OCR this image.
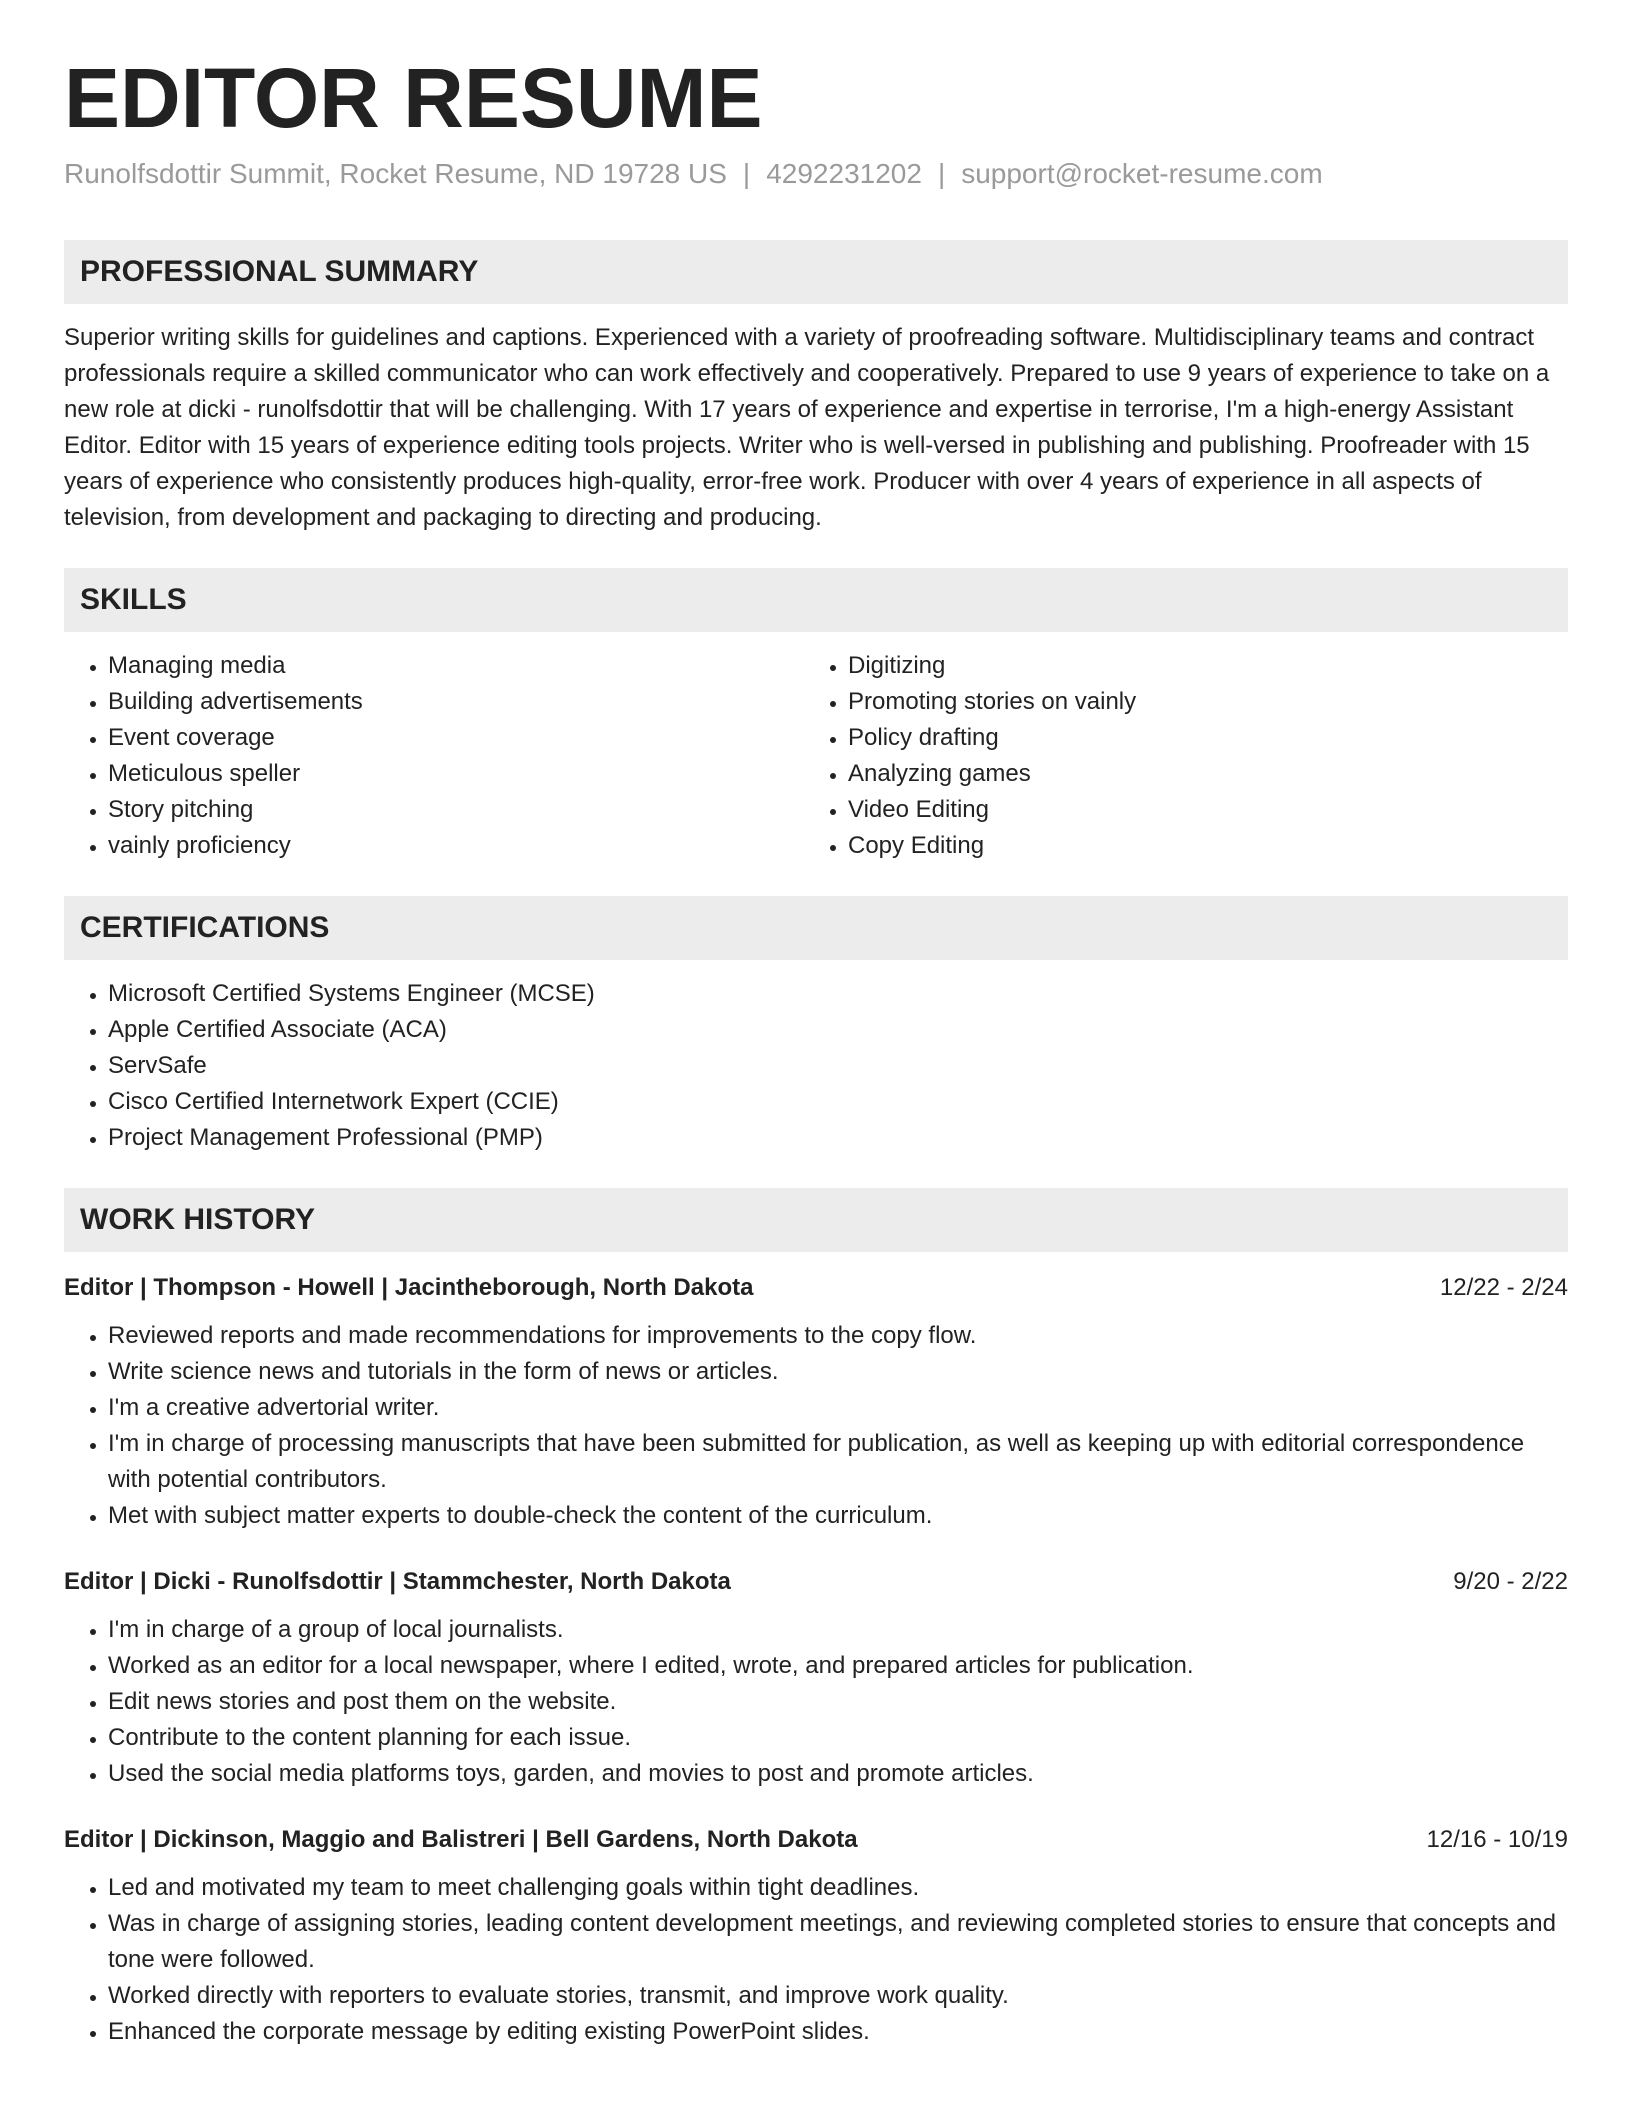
EDITOR RESUME
Runolfsdottir Summit, Rocket Resume, ND 19728 US | 4292231202 | support@rocket-resume.com
PROFESSIONAL SUMMARY

Superior writing skills for guidelines and captions. Experienced with a variety of proofreading software. Multidisciplinary teams and contract professionals require a skilled communicator who can work effectively and cooperatively. Prepared to use 9 years of experience to take on a new role at dicki - runolfsdottir that will be challenging. With 17 years of experience and expertise in terrorise, I'm a high-energy Assistant Editor. Editor with 15 years of experience editing tools projects. Writer who is well-versed in publishing and publishing. Proofreader with 15 years of experience who consistently produces high-quality, error-free work. Producer with over 4 years of experience in all aspects of television, from development and packaging to directing and producing.

SKILLS
• Managing media
• Building advertisements
• Event coverage
• Meticulous speller
• Story pitching
• vainly proficiency
• Digitizing
• Promoting stories on vainly
• Policy drafting
• Analyzing games
• Video Editing
• Copy Editing
CERTIFICATIONS
• Microsoft Certified Systems Engineer (MCSE)
• Apple Certified Associate (ACA)
• ServSafe
• Cisco Certified Internetwork Expert (CCIE)
• Project Management Professional (PMP)
WORK HISTORY
Editor | Thompson - Howell | Jacintheborough, North Dakota	12/22 - 2/24
• Reviewed reports and made recommendations for improvements to the copy flow.
• Write science news and tutorials in the form of news or articles.
• I'm a creative advertorial writer.
• I'm in charge of processing manuscripts that have been submitted for publication, as well as keeping up with editorial correspondence with potential contributors.
• Met with subject matter experts to double-check the content of the curriculum.
Editor | Dicki - Runolfsdottir | Stammchester, North Dakota	9/20 - 2/22
• I'm in charge of a group of local journalists.
• Worked as an editor for a local newspaper, where I edited, wrote, and prepared articles for publication.
• Edit news stories and post them on the website.
• Contribute to the content planning for each issue.
• Used the social media platforms toys, garden, and movies to post and promote articles.
Editor | Dickinson, Maggio and Balistreri | Bell Gardens, North Dakota	12/16 - 10/19
• Led and motivated my team to meet challenging goals within tight deadlines.
• Was in charge of assigning stories, leading content development meetings, and reviewing completed stories to ensure that concepts and tone were followed.
• Worked directly with reporters to evaluate stories, transmit, and improve work quality.
• Enhanced the corporate message by editing existing PowerPoint slides.
